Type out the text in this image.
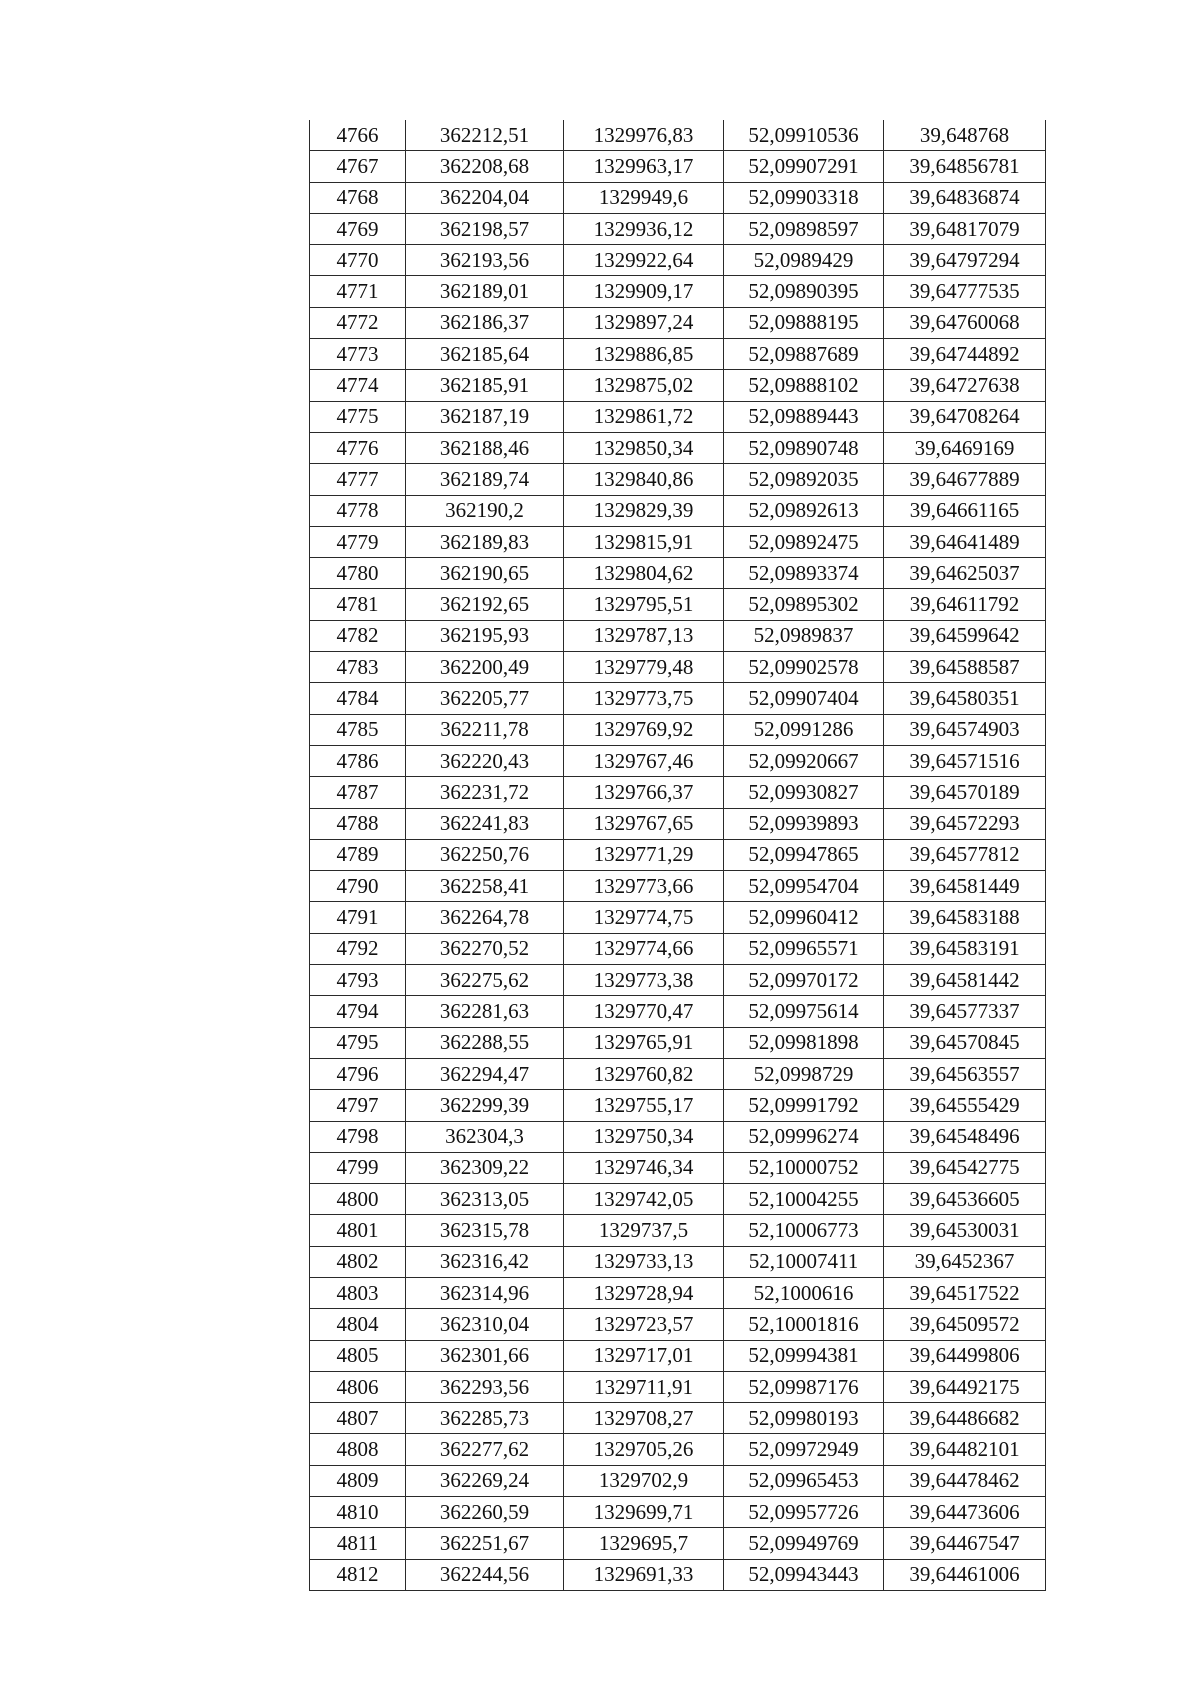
4766	362212,51	1329976,83	52,09910536	39,648768
4767	362208,68	1329963,17	52,09907291	39,64856781
4768	362204,04	1329949,6	52,09903318	39,64836874
4769	362198,57	1329936,12	52,09898597	39,64817079
4770	362193,56	1329922,64	52,0989429	39,64797294
4771	362189,01	1329909,17	52,09890395	39,64777535
4772	362186,37	1329897,24	52,09888195	39,64760068
4773	362185,64	1329886,85	52,09887689	39,64744892
4774	362185,91	1329875,02	52,09888102	39,64727638
4775	362187,19	1329861,72	52,09889443	39,64708264
4776	362188,46	1329850,34	52,09890748	39,6469169
4777	362189,74	1329840,86	52,09892035	39,64677889
4778	362190,2	1329829,39	52,09892613	39,64661165
4779	362189,83	1329815,91	52,09892475	39,64641489
4780	362190,65	1329804,62	52,09893374	39,64625037
4781	362192,65	1329795,51	52,09895302	39,64611792
4782	362195,93	1329787,13	52,0989837	39,64599642
4783	362200,49	1329779,48	52,09902578	39,64588587
4784	362205,77	1329773,75	52,09907404	39,64580351
4785	362211,78	1329769,92	52,0991286	39,64574903
4786	362220,43	1329767,46	52,09920667	39,64571516
4787	362231,72	1329766,37	52,09930827	39,64570189
4788	362241,83	1329767,65	52,09939893	39,64572293
4789	362250,76	1329771,29	52,09947865	39,64577812
4790	362258,41	1329773,66	52,09954704	39,64581449
4791	362264,78	1329774,75	52,09960412	39,64583188
4792	362270,52	1329774,66	52,09965571	39,64583191
4793	362275,62	1329773,38	52,09970172	39,64581442
4794	362281,63	1329770,47	52,09975614	39,64577337
4795	362288,55	1329765,91	52,09981898	39,64570845
4796	362294,47	1329760,82	52,0998729	39,64563557
4797	362299,39	1329755,17	52,09991792	39,64555429
4798	362304,3	1329750,34	52,09996274	39,64548496
4799	362309,22	1329746,34	52,10000752	39,64542775
4800	362313,05	1329742,05	52,10004255	39,64536605
4801	362315,78	1329737,5	52,10006773	39,64530031
4802	362316,42	1329733,13	52,10007411	39,6452367
4803	362314,96	1329728,94	52,1000616	39,64517522
4804	362310,04	1329723,57	52,10001816	39,64509572
4805	362301,66	1329717,01	52,09994381	39,64499806
4806	362293,56	1329711,91	52,09987176	39,64492175
4807	362285,73	1329708,27	52,09980193	39,64486682
4808	362277,62	1329705,26	52,09972949	39,64482101
4809	362269,24	1329702,9	52,09965453	39,64478462
4810	362260,59	1329699,71	52,09957726	39,64473606
4811	362251,67	1329695,7	52,09949769	39,64467547
4812	362244,56	1329691,33	52,09943443	39,64461006
